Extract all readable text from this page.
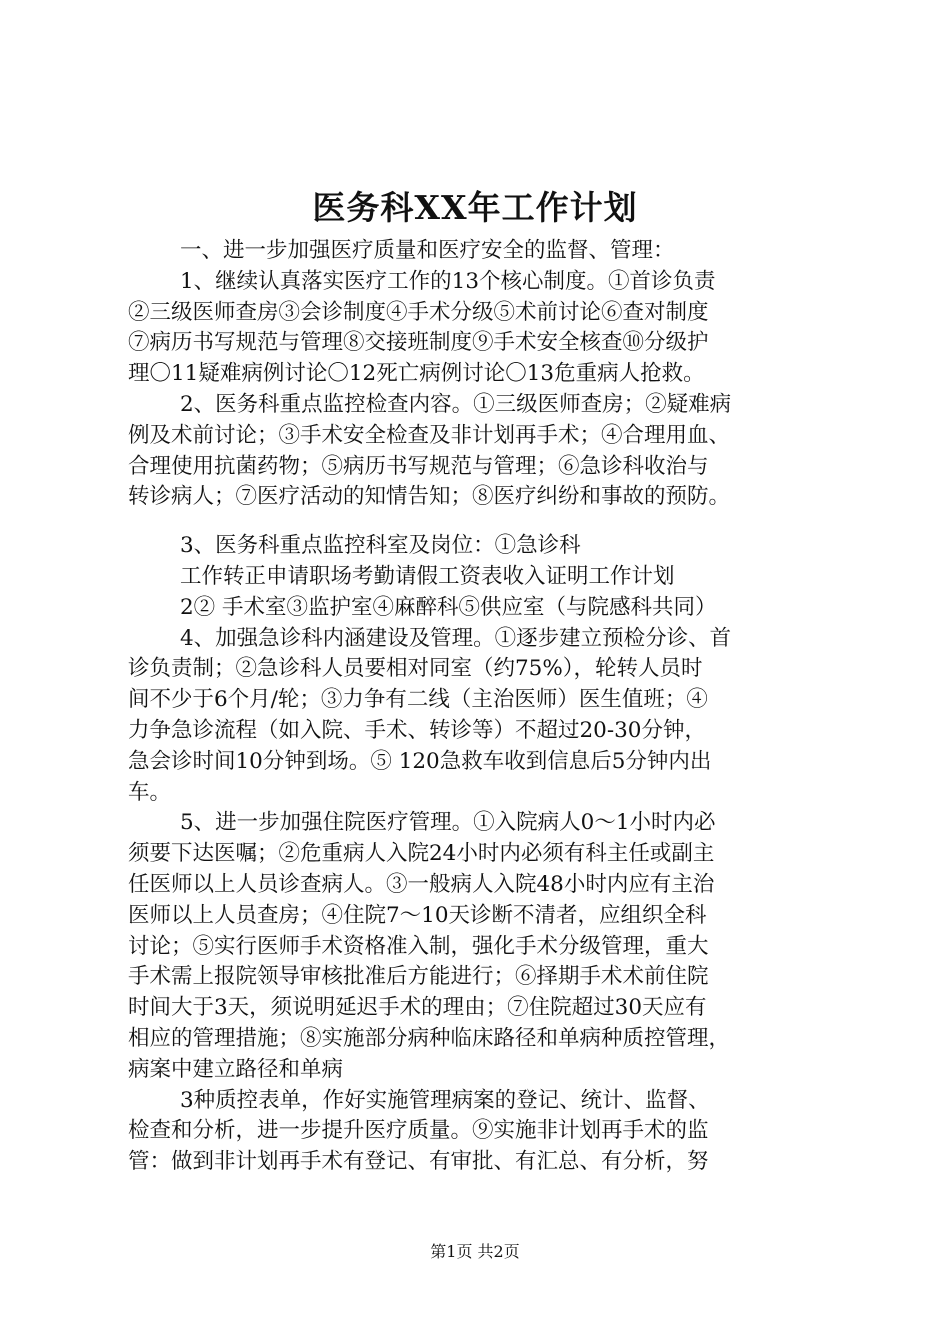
医务科XX年工作计划
一、进一步加强医疗质量和医疗安全的监督、管理：
1、继续认真落实医疗工作的13个核心制度。①首诊负责
②三级医师查房③会诊制度④手术分级⑤术前讨论⑥查对制度
⑦病历书写规范与管理⑧交接班制度⑨手术安全核查⑩分级护
理〇11疑难病例讨论〇12死亡病例讨论〇13危重病人抢救。
2、医务科重点监控检查内容。①三级医师查房；②疑难病
例及术前讨论；③手术安全检查及非计划再手术；④合理用血、
合理使用抗菌药物；⑤病历书写规范与管理；⑥急诊科收治与
转诊病人；⑦医疗活动的知情告知；⑧医疗纠纷和事故的预防。
3、医务科重点监控科室及岗位：①急诊科
工作转正申请职场考勤请假工资表收入证明工作计划
2② 手术室③监护室④麻醉科⑤供应室（与院感科共同）
4、加强急诊科内涵建设及管理。①逐步建立预检分诊、首
诊负责制；②急诊科人员要相对同室（约75%），轮转人员时
间不少于6个月/轮；③力争有二线（主治医师）医生值班；④
力争急诊流程（如入院、手术、转诊等）不超过20-30分钟，
急会诊时间10分钟到场。⑤ 120急救车收到信息后5分钟内出
车。
5、进一步加强住院医疗管理。①入院病人0～1小时内必
须要下达医嘱；②危重病人入院24小时内必须有科主任或副主
任医师以上人员诊查病人。③一般病人入院48小时内应有主治
医师以上人员查房；④住院7～10天诊断不清者，应组织全科
讨论；⑤实行医师手术资格准入制，强化手术分级管理，重大
手术需上报院领导审核批准后方能进行；⑥择期手术术前住院
时间大于3天，须说明延迟手术的理由；⑦住院超过30天应有
相应的管理措施；⑧实施部分病种临床路径和单病种质控管理，
病案中建立路径和单病
3种质控表单，作好实施管理病案的登记、统计、监督、
检查和分析，进一步提升医疗质量。⑨实施非计划再手术的监
管：做到非计划再手术有登记、有审批、有汇总、有分析，努
第1页 共2页
